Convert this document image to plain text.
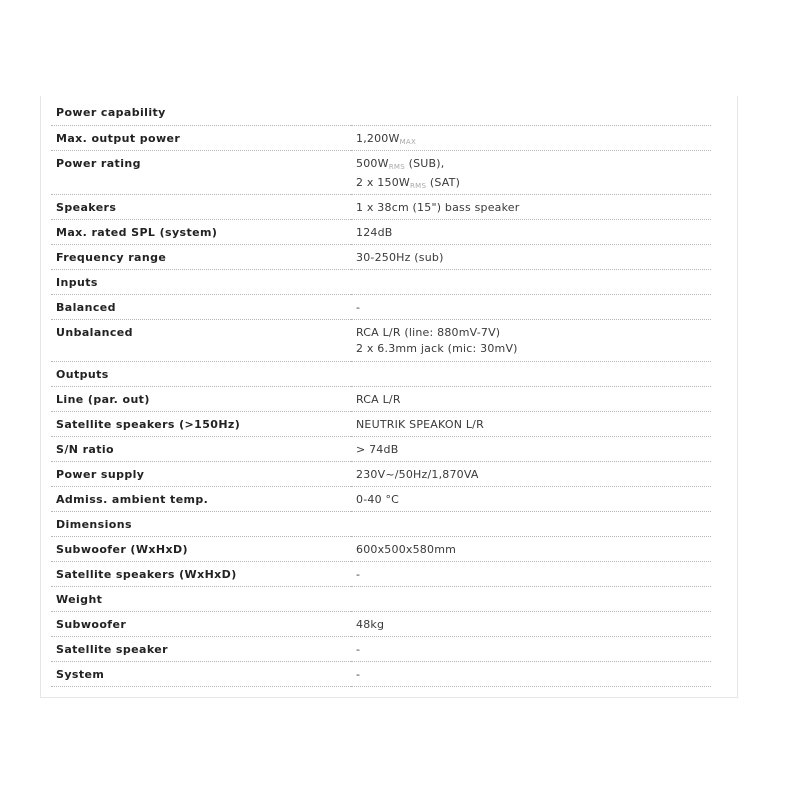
Power capability	
Max. output power	$1,200W_{MAX}$
Power rating	$500W_{RMS}$ (SUB),
2 x $150W_{RMS}$ (SAT)

Speakers	1 x 38cm (15") bass speaker
Max. rated SPL (system)	124dB
Frequency range	30-250Hz (sub)
Inputs	
Balanced	-
Unbalanced	RCA L/R (line: 880mV-7V)
2 x 6.3mm jack (mic: 30mV)

Outputs	
Line (par. out)	RCA L/R
Satellite speakers (>150Hz)	NEUTRIK SPEAKON L/R
S/N ratio	> 74dB
Power supply	230V~/50Hz/1,870VA
Admiss. ambient temp.	0-40 °C
Dimensions	
Subwoofer (WxHxD)	600x500x580mm
Satellite speakers (WxHxD)	-
Weight	
Subwoofer	48kg
Satellite speaker	-
System	-
